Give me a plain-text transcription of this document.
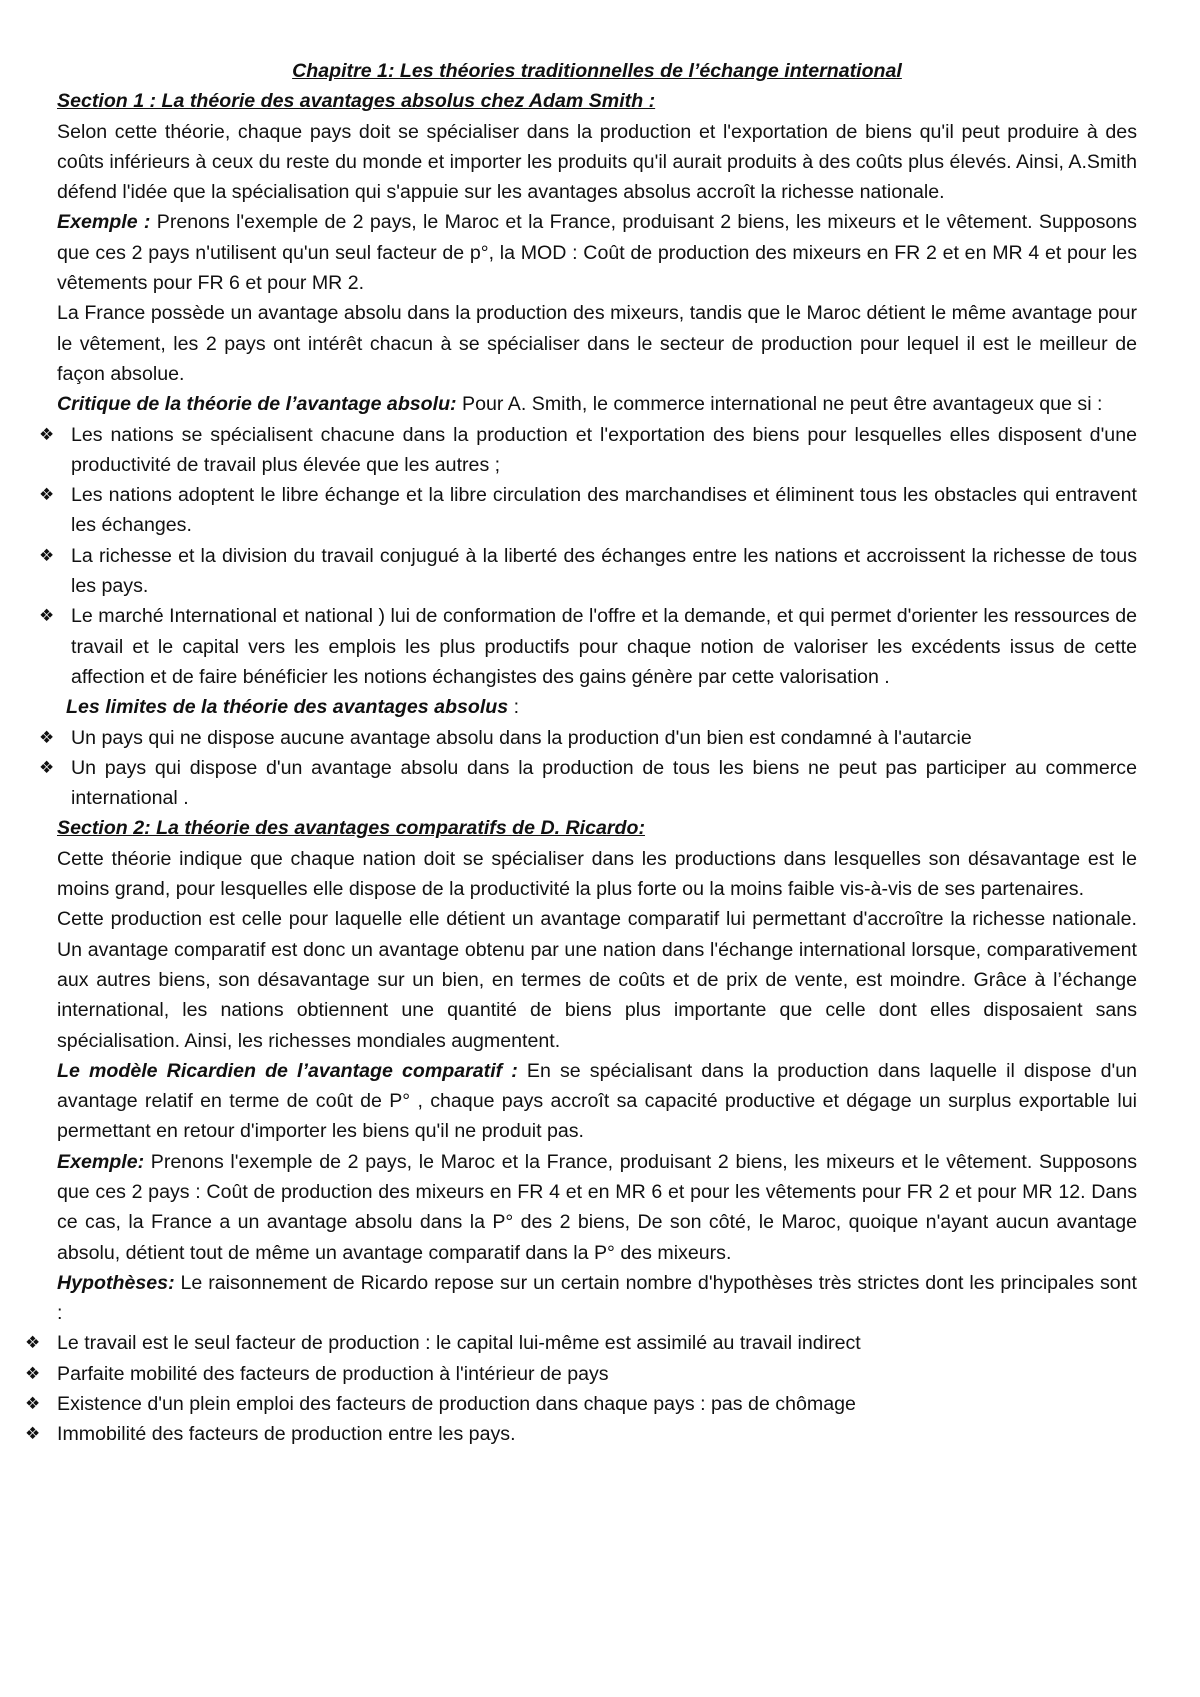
Chapitre 1: Les théories traditionnelles de l’échange international
Section 1 : La théorie des avantages absolus chez Adam Smith :

Selon cette théorie, chaque pays doit se spécialiser dans la production et l'exportation de biens qu'il peut produire à des coûts inférieurs à ceux du reste du monde et importer les produits qu'il aurait produits à des coûts plus élevés. Ainsi, A.Smith défend l'idée que la spécialisation qui s'appuie sur les avantages absolus accroît la richesse nationale.

Exemple : Prenons l'exemple de 2 pays, le Maroc et la France, produisant 2 biens, les mixeurs et le vêtement. Supposons que ces 2 pays n'utilisent qu'un seul facteur de p°, la MOD : Coût de production des mixeurs en FR 2 et en MR 4 et pour les vêtements pour FR 6 et pour MR 2.

La France possède un avantage absolu dans la production des mixeurs, tandis que le Maroc détient le même avantage pour le vêtement, les 2 pays ont intérêt chacun à se spécialiser dans le secteur de production pour lequel il est le meilleur de façon absolue.

Critique de la théorie de l’avantage absolu: Pour A. Smith, le commerce international ne peut être avantageux que si :

❖ Les nations se spécialisent chacune dans la production et l'exportation des biens pour lesquelles elles disposent d'une productivité de travail plus élevée que les autres ;
❖ Les nations adoptent le libre échange et la libre circulation des marchandises et éliminent tous les obstacles qui entravent les échanges.
❖ La richesse et la division du travail conjugué à la liberté des échanges entre les nations et accroissent la richesse de tous les pays.
❖ Le marché International et national ) lui de conformation de l'offre et la demande, et qui permet d'orienter les ressources de travail et le capital vers les emplois les plus productifs pour chaque notion de valoriser les excédents issus de cette affection et de faire bénéficier les notions échangistes des gains génère par cette valorisation .

Les limites de la théorie des avantages absolus :

❖ Un pays qui ne dispose aucune avantage absolu dans la production d'un bien est condamné à l'autarcie
❖ Un pays qui dispose d'un avantage absolu dans la production de tous les biens ne peut pas participer au commerce international .
Section 2: La théorie des avantages comparatifs de D. Ricardo:

Cette théorie indique que chaque nation doit se spécialiser dans les productions dans lesquelles son désavantage est le moins grand, pour lesquelles elle dispose de la productivité la plus forte ou la moins faible vis-à-vis de ses partenaires.

Cette production est celle pour laquelle elle détient un avantage comparatif lui permettant d'accroître la richesse nationale. Un avantage comparatif est donc un avantage obtenu par une nation dans l'échange international lorsque, comparativement aux autres biens, son désavantage sur un bien, en termes de coûts et de prix de vente, est moindre. Grâce à l’échange international, les nations obtiennent une quantité de biens plus importante que celle dont elles disposaient sans spécialisation. Ainsi, les richesses mondiales augmentent.

Le modèle Ricardien de l’avantage comparatif : En se spécialisant dans la production dans laquelle il dispose d'un avantage relatif en terme de coût de P° , chaque pays accroît sa capacité productive et dégage un surplus exportable lui permettant en retour d'importer les biens qu'il ne produit pas.

Exemple: Prenons l'exemple de 2 pays, le Maroc et la France, produisant 2 biens, les mixeurs et le vêtement. Supposons que ces 2 pays : Coût de production des mixeurs en FR 4 et en MR 6 et pour les vêtements pour FR 2 et pour MR 12. Dans ce cas, la France a un avantage absolu dans la P° des 2 biens, De son côté, le Maroc, quoique n'ayant aucun avantage absolu, détient tout de même un avantage comparatif dans la P° des mixeurs.

Hypothèses: Le raisonnement de Ricardo repose sur un certain nombre d'hypothèses très strictes dont les principales sont :

❖ Le travail est le seul facteur de production : le capital lui-même est assimilé au travail indirect
❖ Parfaite mobilité des facteurs de production à l'intérieur de pays
❖ Existence d'un plein emploi des facteurs de production dans chaque pays : pas de chômage
❖ Immobilité des facteurs de production entre les pays.
